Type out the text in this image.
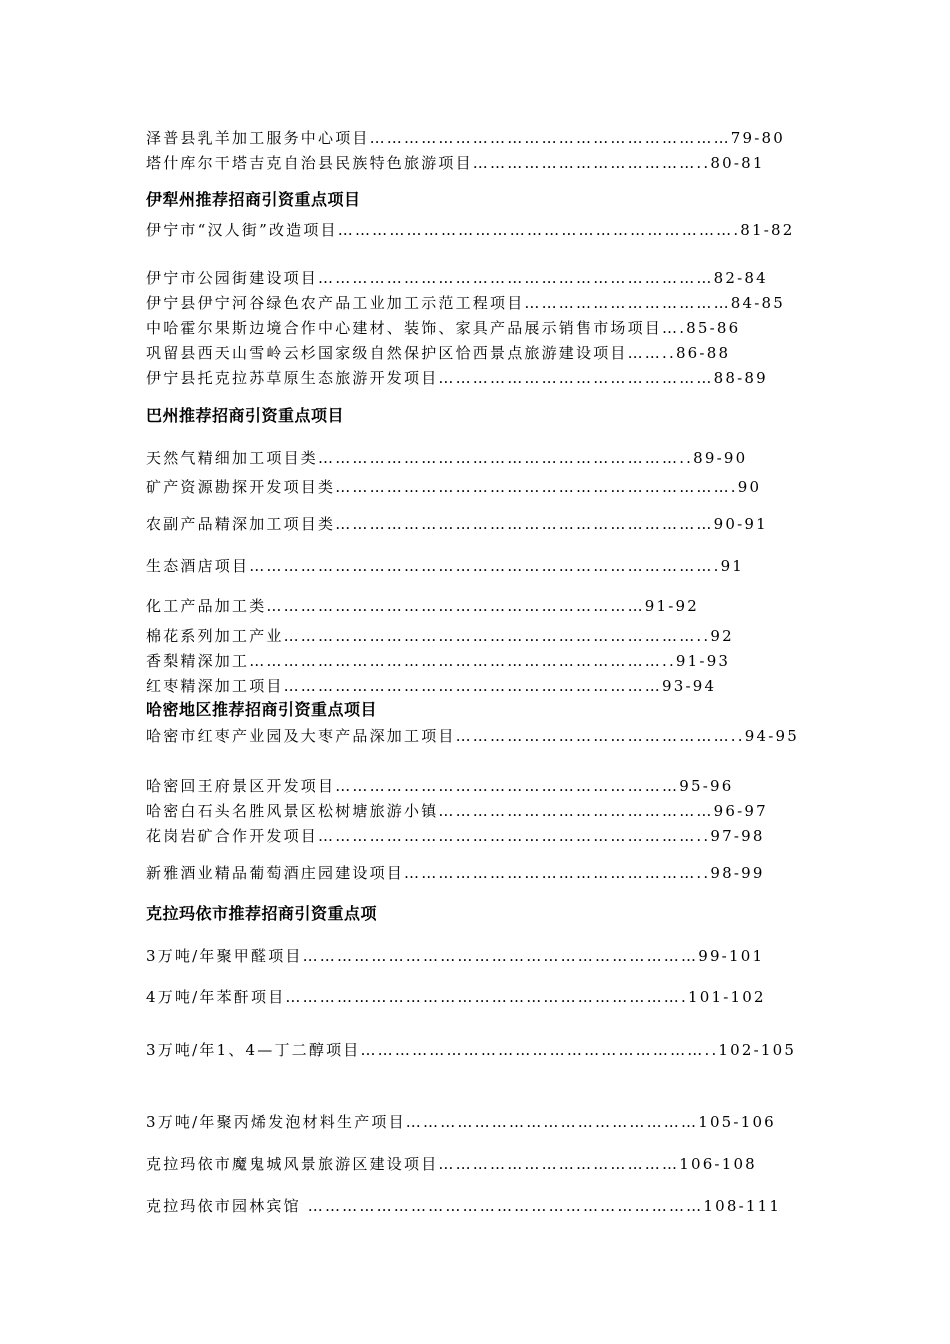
泽普县乳羊加工服务中心项目………………………………………………………79-80
塔什库尔干塔吉克自治县民族特色旅游项目…………………………………..80-81
伊犁州推荐招商引资重点项目
伊宁市“汉人街”改造项目…………………………………………………………….81-82
伊宁市公园街建设项目……………………………………………………………82-84
伊宁县伊宁河谷绿色农产品工业加工示范工程项目………………………………84-85
中哈霍尔果斯边境合作中心建材、装饰、家具产品展示销售市场项目….85-86
巩留县西天山雪岭云杉国家级自然保护区恰西景点旅游建设项目……..86-88
伊宁县托克拉苏草原生态旅游开发项目…………………………………………88-89
巴州推荐招商引资重点项目
天然气精细加工项目类………………………………………………………..89-90
矿产资源勘探开发项目类…………………………………………………………….90
农副产品精深加工项目类…………………………………………………………90-91
生态酒店项目……………………………………………………………………….91
化工产品加工类…………………………………………………………91-92
棉花系列加工产业………………………………………………………………..92
香梨精深加工………………………………………………………………..91-93
红枣精深加工项目…………………………………………………………93-94
哈密地区推荐招商引资重点项目
哈密市红枣产业园及大枣产品深加工项目…………………………………………..94-95
哈密回王府景区开发项目……………………………………………………95-96
哈密白石头名胜风景区松树塘旅游小镇…………………………………………96-97
花岗岩矿合作开发项目…………………………………………………………..97-98
新雅酒业精品葡萄酒庄园建设项目……………………………………………..98-99
克拉玛依市推荐招商引资重点项
3万吨/年聚甲醛项目……………………………………………………………99-101
4万吨/年苯酐项目…………………………………………………………….101-102
3万吨/年1、4—丁二醇项目……………………………………………………..102-105
3万吨/年聚丙烯发泡材料生产项目……………………………………………105-106
克拉玛依市魔鬼城风景旅游区建设项目……………………………………106-108
克拉玛依市园林宾馆 ……………………………………………………………108-111
